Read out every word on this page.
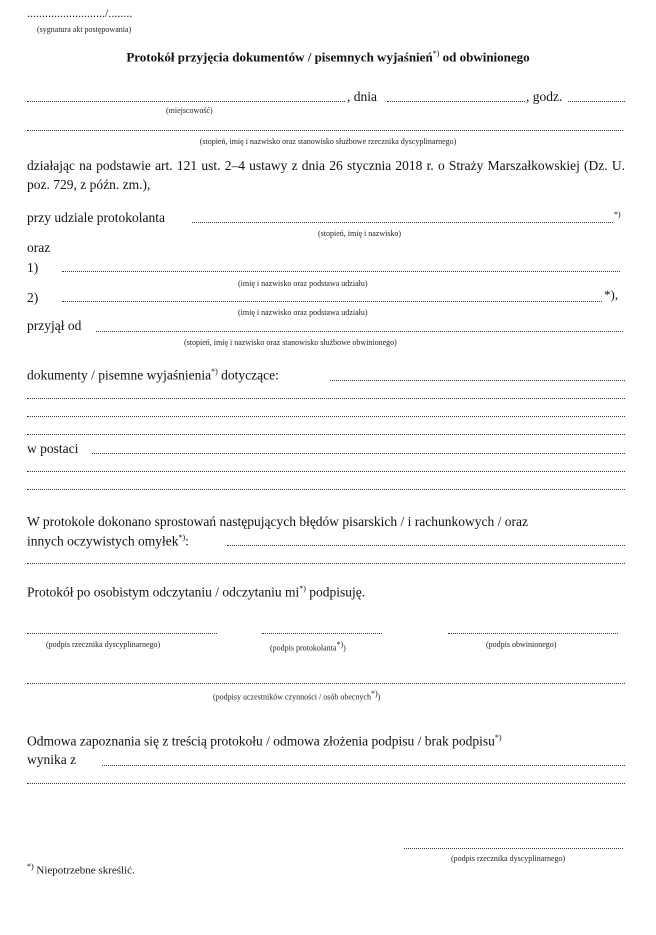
........................../........
(sygnatura akt postępowania)
Protokół przyjęcia dokumentów / pisemnych wyjaśnień*) od obwinionego
, dnia	, godz.
(miejscowość)
(stopień, imię i nazwisko oraz stanowisko służbowe rzecznika dyscyplinarnego)
działając na podstawie art. 121 ust. 2–4 ustawy z dnia 26 stycznia 2018 r. o Straży Marszałkowskiej (Dz. U. poz. 729, z późn. zm.),
przy udziale protokolanta	*)
(stopień, imię i nazwisko)
oraz
1)
(imię i nazwisko oraz podstawa udziału)
2)	*),
(imię i nazwisko oraz podstawa udziału)
przyjął od
(stopień, imię i nazwisko oraz stanowisko służbowe obwinionego)
dokumenty / pisemne wyjaśnienia*) dotyczące:
w postaci
W protokole dokonano sprostowań następujących błędów pisarskich / i rachunkowych / oraz
innych oczywistych omyłek*):
Protokół po osobistym odczytaniu / odczytaniu mi*) podpisuję.
(podpis rzecznika dyscyplinarnego)	(podpis protokolanta*))	(podpis obwinionego)
(podpisy uczestników czynności / osób obecnych*))
Odmowa zapoznania się z treścią protokołu / odmowa złożenia podpisu / brak podpisu*)
wynika z
(podpis rzecznika dyscyplinarnego)
*) Niepotrzebne skreślić.
